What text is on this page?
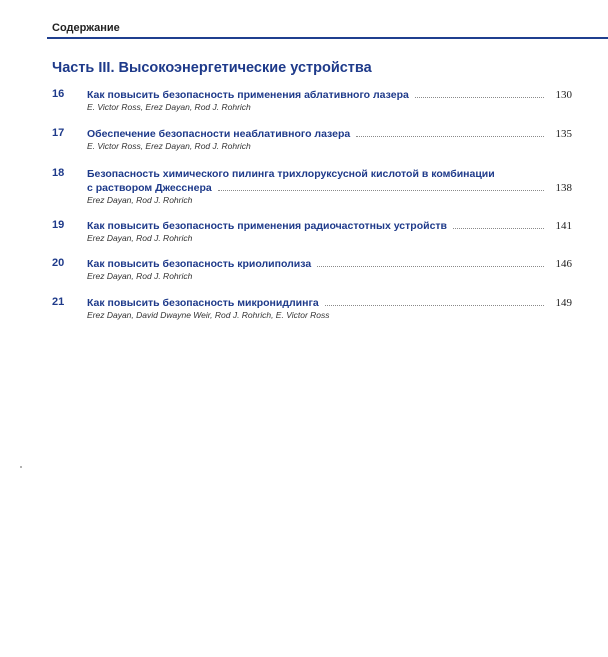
Содержание
Часть III. Высокоэнергетические устройства
16 Как повысить безопасность применения аблативного лазера	130
E. Victor Ross, Erez Dayan, Rod J. Rohrich
17 Обеспечение безопасности неаблативного лазера	135
E. Victor Ross, Erez Dayan, Rod J. Rohrich
18 Безопасность химического пилинга трихлоруксусной кислотой в комбинации
с раствором Джесснера	138
Erez Dayan, Rod J. Rohrich
19 Как повысить безопасность применения радиочастотных устройств	141
Erez Dayan, Rod J. Rohrich
20 Как повысить безопасность криолиполиза	146
Erez Dayan, Rod J. Rohrich
21 Как повысить безопасность микронидлинга	149
Erez Dayan, David Dwayne Weir, Rod J. Rohrich, E. Victor Ross
